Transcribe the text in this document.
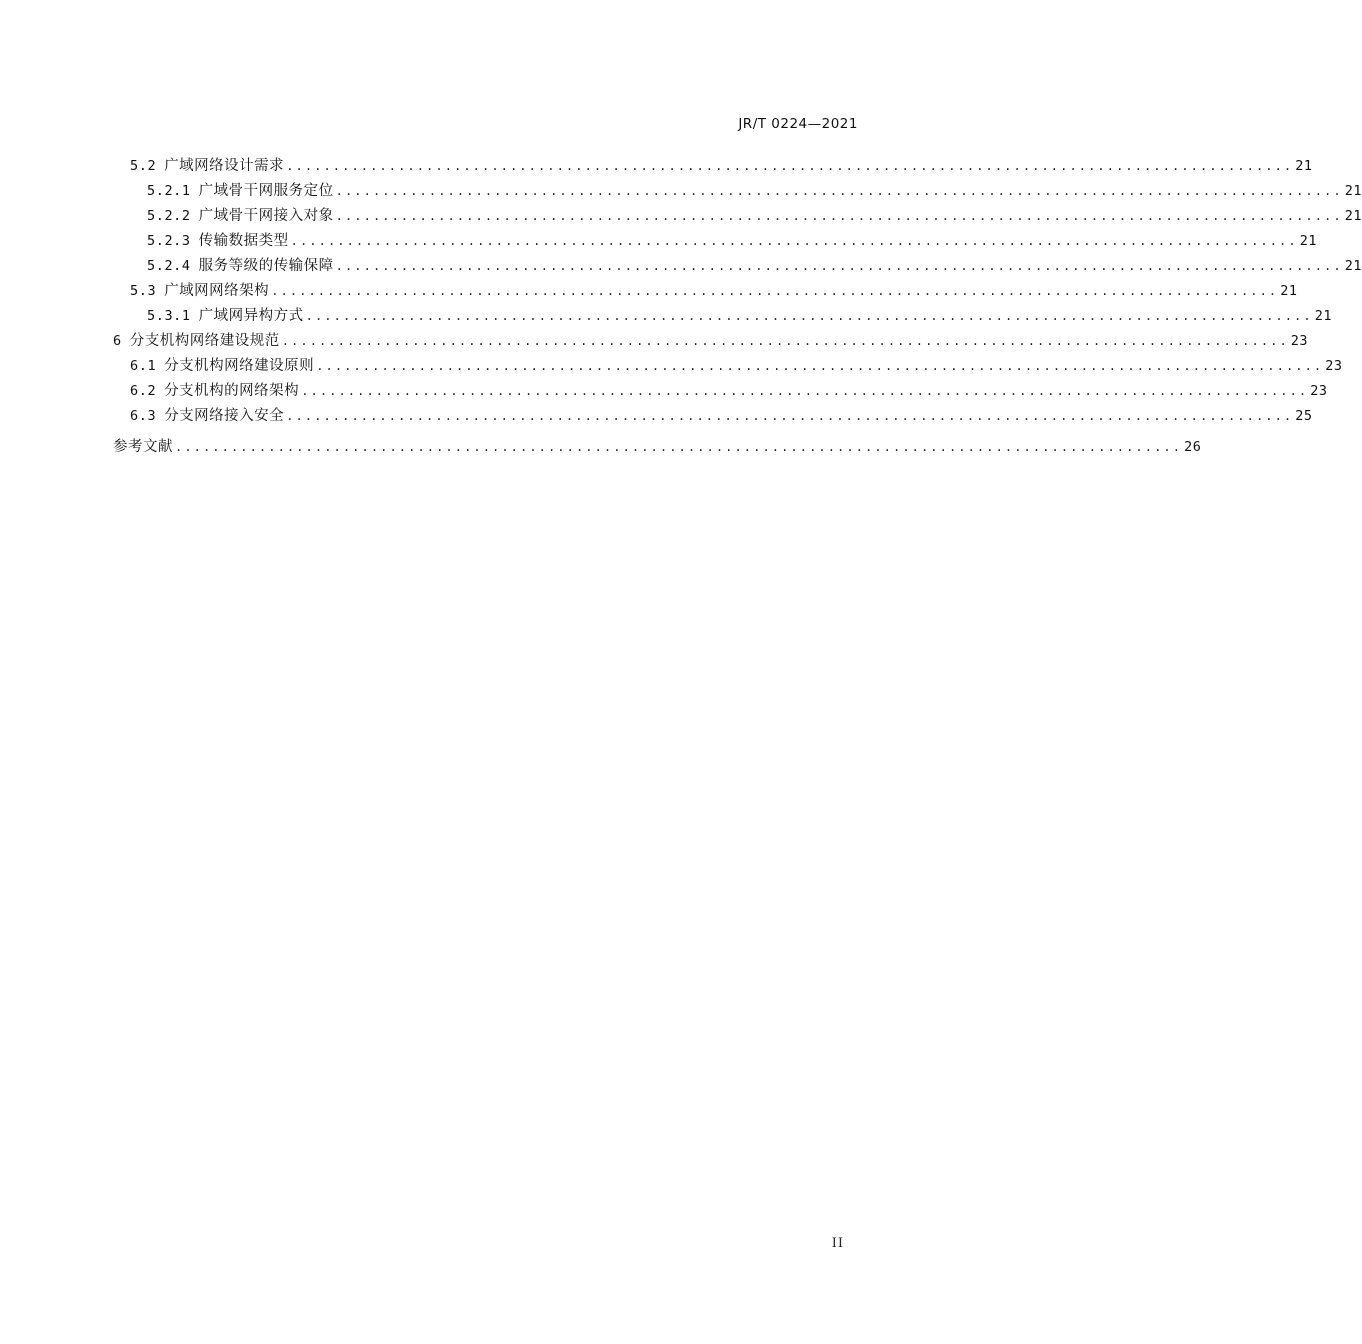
JR/T 0224—2021
5.2 广域网络设计需求 ............................................................................................................ 21
5.2.1 广域骨干网服务定位 ............................................................................................................ 21
5.2.2 广域骨干网接入对象 ............................................................................................................ 21
5.2.3 传输数据类型 ............................................................................................................ 21
5.2.4 服务等级的传输保障 ............................................................................................................ 21
5.3 广域网网络架构 ............................................................................................................ 21
5.3.1 广域网异构方式 ............................................................................................................ 21
6 分支机构网络建设规范 ............................................................................................................ 23
6.1 分支机构网络建设原则 ............................................................................................................ 23
6.2 分支机构的网络架构 ............................................................................................................ 23
6.3 分支网络接入安全 ............................................................................................................ 25
参考文献 ............................................................................................................ 26
II
